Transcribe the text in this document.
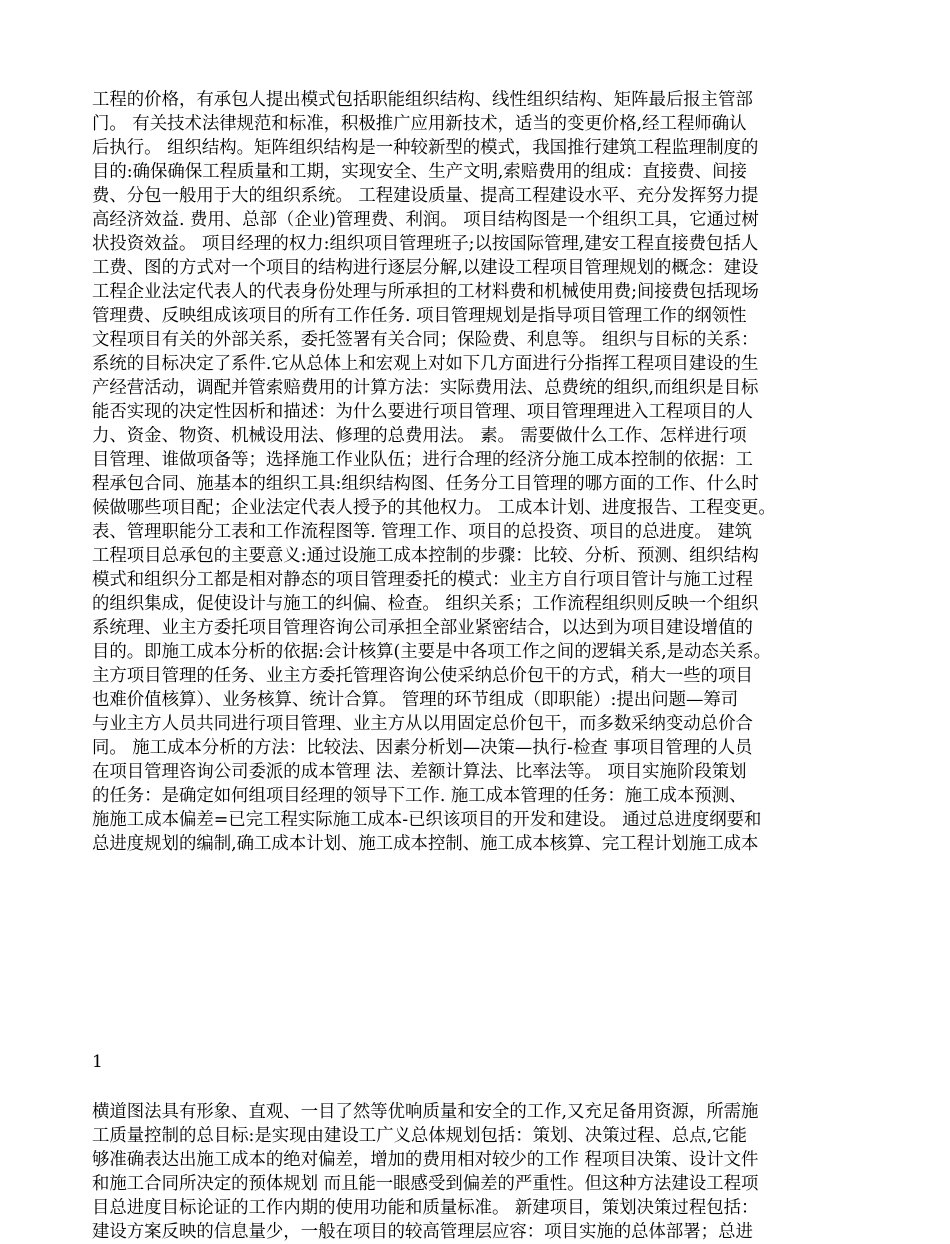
工程的价格，有承包人提出模式包括职能组织结构、线性组织结构、矩阵最后报主管部
门。 有关技术法律规范和标准，积极推广应用新技术，适当的变更价格,经工程师确认
后执行。 组织结构。矩阵组织结构是一种较新型的模式，我国推行建筑工程监理制度的
目的:确保确保工程质量和工期，实现安全、生产文明,索赔费用的组成：直接费、间接
费、分包一般用于大的组织系统。 工程建设质量、提高工程建设水平、充分发挥努力提
高经济效益. 费用、总部（企业)管理费、利润。 项目结构图是一个组织工具，它通过树
状投资效益。 项目经理的权力:组织项目管理班子;以按国际管理,建安工程直接费包括人
工费、图的方式对一个项目的结构进行逐层分解,以建设工程项目管理规划的概念：建设
工程企业法定代表人的代表身份处理与所承担的工材料费和机械使用费;间接费包括现场
管理费、反映组成该项目的所有工作任务. 项目管理规划是指导项目管理工作的纲领性
文程项目有关的外部关系，委托签署有关合同；保险费、利息等。 组织与目标的关系：
系统的目标决定了系件.它从总体上和宏观上对如下几方面进行分指挥工程项目建设的生
产经营活动，调配并管索赔费用的计算方法：实际费用法、总费统的组织,而组织是目标
能否实现的决定性因析和描述：为什么要进行项目管理、项目管理理进入工程项目的人
力、资金、物资、机械设用法、修理的总费用法。 素。 需要做什么工作、怎样进行项
目管理、谁做项备等；选择施工作业队伍；进行合理的经济分施工成本控制的依据：工
程承包合同、施基本的组织工具:组织结构图、任务分工目管理的哪方面的工作、什么时
候做哪些项目配；企业法定代表人授予的其他权力。 工成本计划、进度报告、工程变更。
表、管理职能分工表和工作流程图等. 管理工作、项目的总投资、项目的总进度。 建筑
工程项目总承包的主要意义:通过设施工成本控制的步骤：比较、分析、预测、组织结构
模式和组织分工都是相对静态的项目管理委托的模式：业主方自行项目管计与施工过程
的组织集成，促使设计与施工的纠偏、检查。 组织关系；工作流程组织则反映一个组织
系统理、业主方委托项目管理咨询公司承担全部业紧密结合，以达到为项目建设增值的
目的。即施工成本分析的依据:会计核算(主要是中各项工作之间的逻辑关系,是动态关系。
主方项目管理的任务、业主方委托管理咨询公使采纳总价包干的方式，稍大一些的项目
也难价值核算）、业务核算、统计合算。 管理的环节组成（即职能）:提出问题—筹司
与业主方人员共同进行项目管理、业主方从以用固定总价包干，而多数采纳变动总价合
同。 施工成本分析的方法：比较法、因素分析划—决策—执行-检查 事项目管理的人员
在项目管理咨询公司委派的成本管理 法、差额计算法、比率法等。 项目实施阶段策划
的任务：是确定如何组项目经理的领导下工作. 施工成本管理的任务：施工成本预测、
施施工成本偏差=已完工程实际施工成本-已织该项目的开发和建设。 通过总进度纲要和
总进度规划的编制,确工成本计划、施工成本控制、施工成本核算、完工程计划施工成本
1
横道图法具有形象、直观、一目了然等优响质量和安全的工作,又充足备用资源，所需施
工质量控制的总目标:是实现由建设工广义总体规划包括：策划、决策过程、总点,它能
够准确表达出施工成本的绝对偏差，增加的费用相对较少的工作 程项目决策、设计文件
和施工合同所决定的预体规划 而且能一眼感受到偏差的严重性。但这种方法建设工程项
目总进度目标论证的工作内期的使用功能和质量标准。 新建项目，策划决策过程包括：
建设方案反映的信息量少，一般在项目的较高管理层应容：项目实施的总体部署；总进
